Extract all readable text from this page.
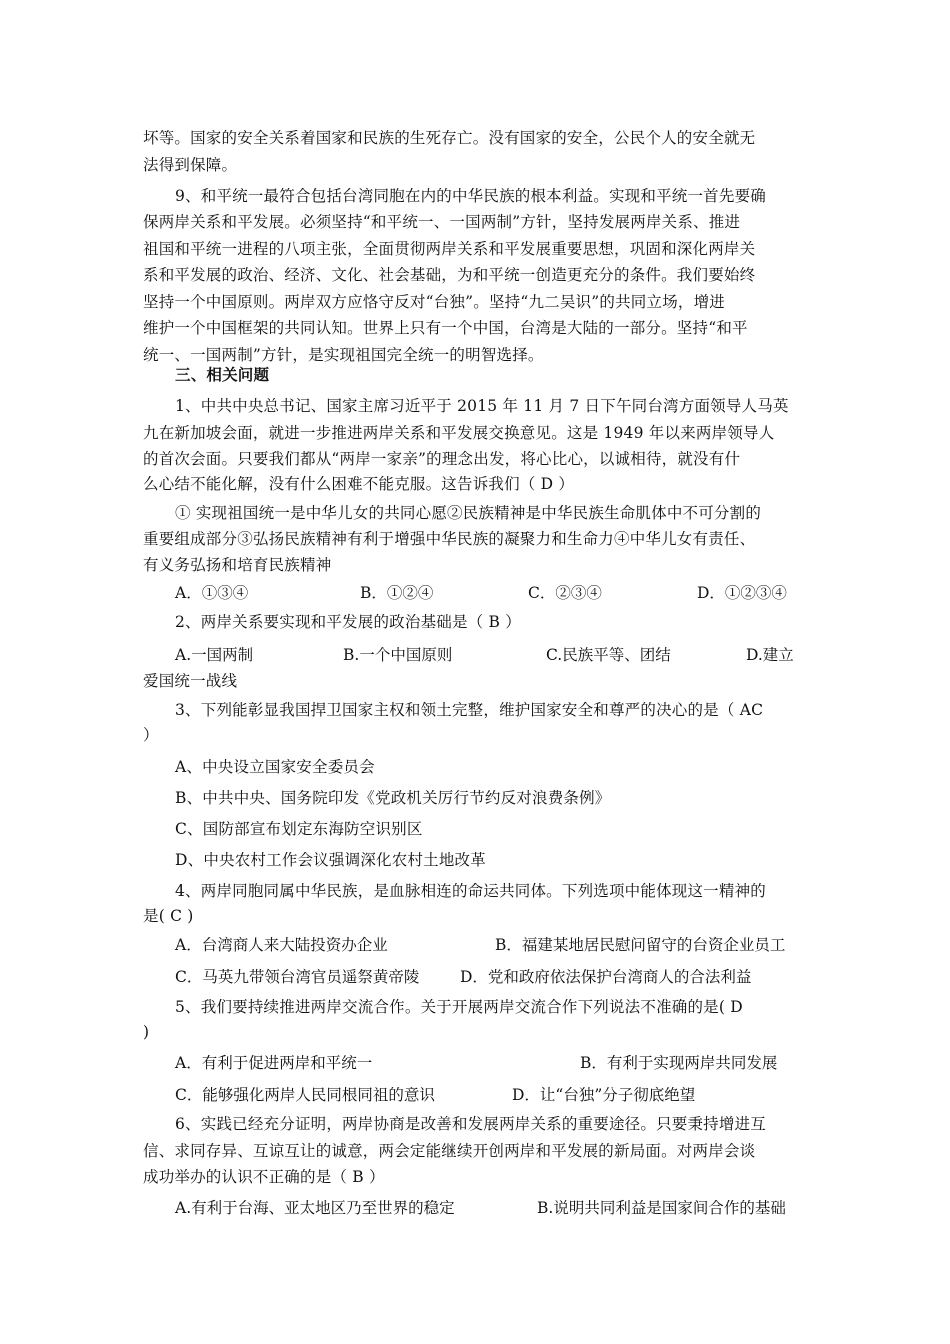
坏等。国家的安全关系着国家和民族的生死存亡。没有国家的安全，公民个人的安全就无
法得到保障。
9、和平统一最符合包括台湾同胞在内的中华民族的根本利益。实现和平统一首先要确
保两岸关系和平发展。必须坚持“和平统一、一国两制”方针，坚持发展两岸关系、推进
祖国和平统一进程的八项主张，全面贯彻两岸关系和平发展重要思想，巩固和深化两岸关
系和平发展的政治、经济、文化、社会基础，为和平统一创造更充分的条件。我们要始终
坚持一个中国原则。两岸双方应恪守反对“台独”。坚持“九二吴识”的共同立场，增进
维护一个中国框架的共同认知。世界上只有一个中国，台湾是大陆的一部分。坚持“和平
统一、一国两制”方针，是实现祖国完全统一的明智选择。
三、相关问题
1、中共中央总书记、国家主席习近平于 2015 年 11 月 7 日下午同台湾方面领导人马英
九在新加坡会面，就进一步推进两岸关系和平发展交换意见。这是 1949 年以来两岸领导人
的首次会面。只要我们都从“两岸一家亲”的理念出发，将心比心，以诚相待，就没有什
么心结不能化解，没有什么困难不能克服。这告诉我们（ D ）
① 实现祖国统一是中华儿女的共同心愿②民族精神是中华民族生命肌体中不可分割的
重要组成部分③弘扬民族精神有利于增强中华民族的凝聚力和生命力④中华儿女有责任、
有义务弘扬和培育民族精神
A．①③④	B．①②④	C．②③④	D．①②③④
2、两岸关系要实现和平发展的政治基础是（ B ）
A.一国两制	B.一个中国原则	C.民族平等、团结	D.建立
爱国统一战线
3、下列能彰显我国捍卫国家主权和领土完整，维护国家安全和尊严的决心的是（ AC
）
A、中央设立国家安全委员会
B、中共中央、国务院印发《党政机关厉行节约反对浪费条例》
C、国防部宣布划定东海防空识别区
D、中央农村工作会议强调深化农村土地改革
4、两岸同胞同属中华民族，是血脉相连的命运共同体。下列选项中能体现这一精神的
是( C )
A．台湾商人来大陆投资办企业	B．福建某地居民慰问留守的台资企业员工
C．马英九带领台湾官员遥祭黄帝陵	D．党和政府依法保护台湾商人的合法利益
5、我们要持续推进两岸交流合作。关于开展两岸交流合作下列说法不准确的是( D
)
A．有利于促进两岸和平统一	B．有利于实现两岸共同发展
C．能够强化两岸人民同根同祖的意识	D．让“台独”分子彻底绝望
6、实践已经充分证明，两岸协商是改善和发展两岸关系的重要途径。只要秉持增进互
信、求同存异、互谅互让的诚意，两会定能继续开创两岸和平发展的新局面。对两岸会谈
成功举办的认识不正确的是（ B ）
A.有利于台海、亚太地区乃至世界的稳定	B.说明共同利益是国家间合作的基础
